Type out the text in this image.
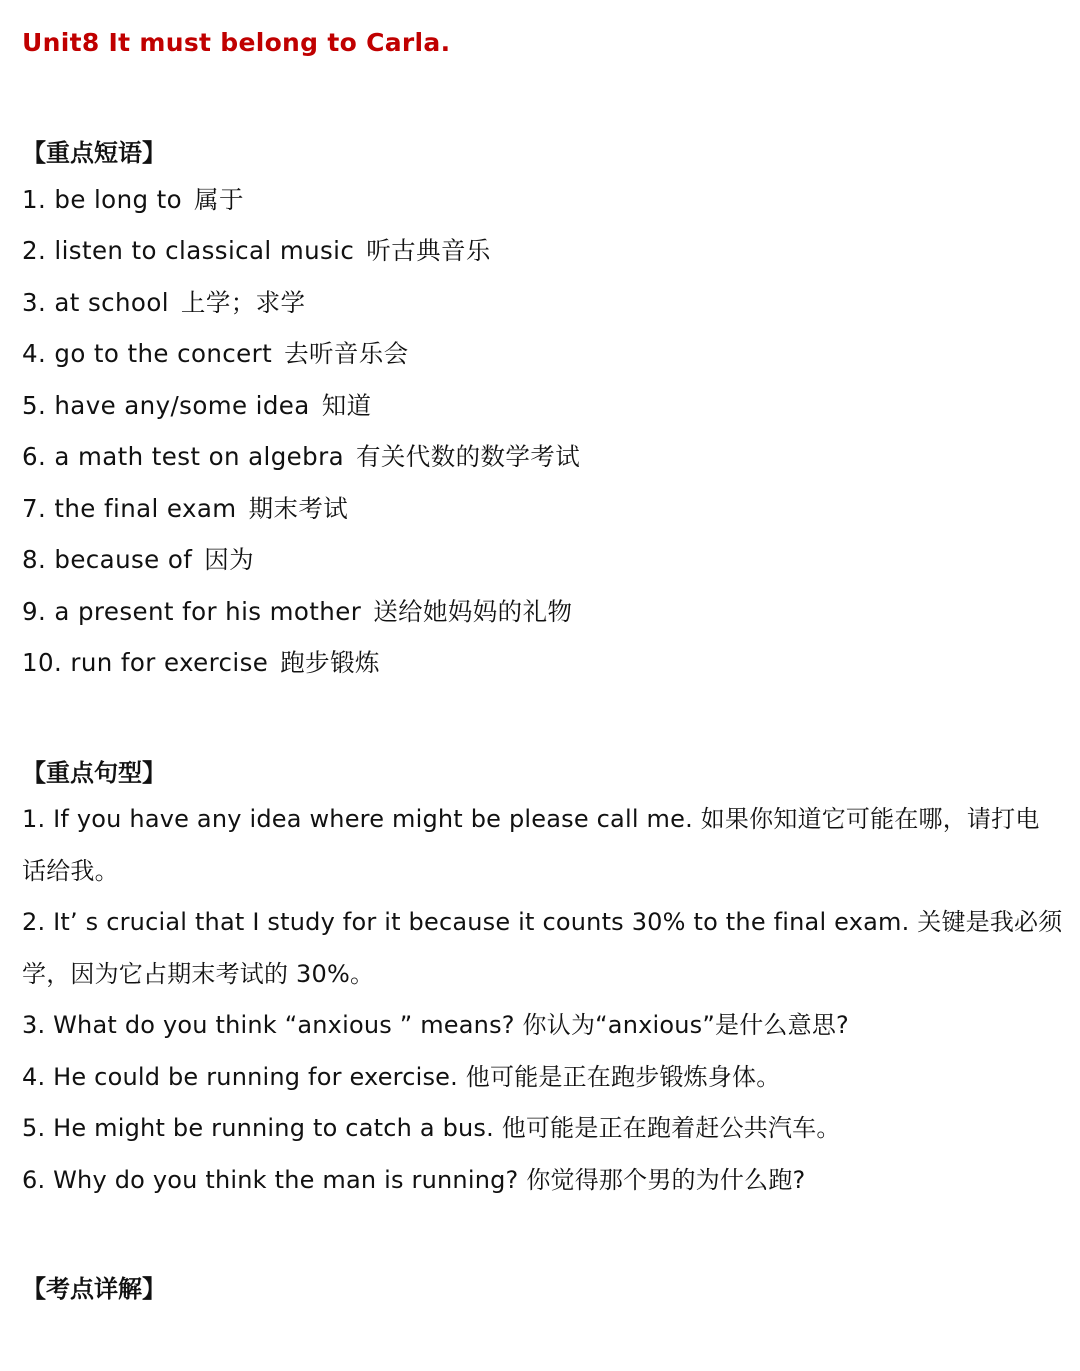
Unit8 It must belong to Carla.
【重点短语】
1. be long to 属于
2. listen to classical music 听古典音乐
3. at school 上学；求学
4. go to the concert 去听音乐会
5. have any/some idea 知道
6. a math test on algebra 有关代数的数学考试
7. the final exam 期末考试
8. because of 因为
9. a present for his mother 送给她妈妈的礼物
10. run for exercise 跑步锻炼
【重点句型】
1. If you have any idea where might be please call me. 如果你知道它可能在哪，请打电
话给我。
2. It’ s crucial that I study for it because it counts 30% to the final exam. 关键是我必须
学，因为它占期末考试的 30%。
3. What do you think “anxious ” means? 你认为“anxious”是什么意思?
4. He could be running for exercise. 他可能是正在跑步锻炼身体。
5. He might be running to catch a bus. 他可能是正在跑着赶公共汽车。
6. Why do you think the man is running? 你觉得那个男的为什么跑?
【考点详解】
